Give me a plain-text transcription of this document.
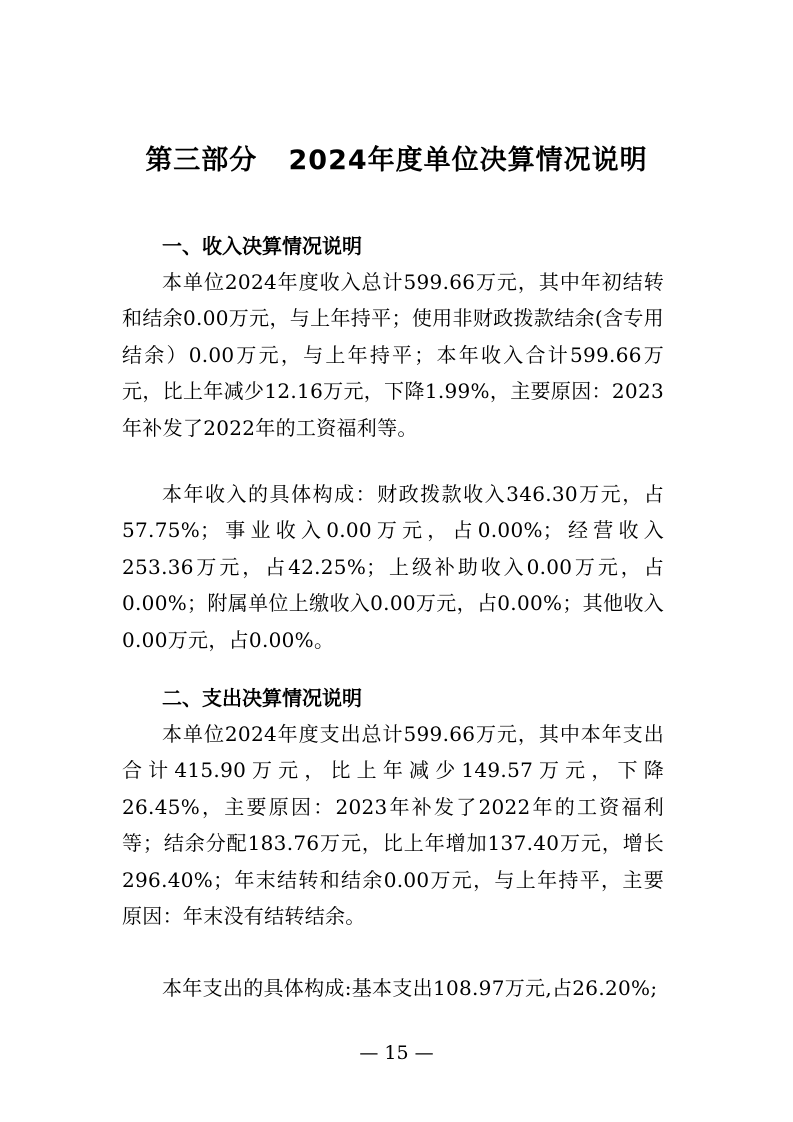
第三部分   2024年度单位决算情况说明
一、收入决算情况说明

本单位2024年度收入总计599.66万元，其中年初结转和结余0.00万元，与上年持平；使用非财政拨款结余(含专用结余）0.00万元，与上年持平；本年收入合计599.66万元，比上年减少12.16万元，下降1.99%，主要原因：2023年补发了2022年的工资福利等。

本年收入的具体构成：财政拨款收入346.30万元，占57.75%；事业收入0.00万元，占0.00%；经营收入253.36万元，占42.25%；上级补助收入0.00万元，占0.00%；附属单位上缴收入0.00万元，占0.00%；其他收入0.00万元，占0.00%。

二、支出决算情况说明

本单位2024年度支出总计599.66万元，其中本年支出合计415.90万元，比上年减少149.57万元，下降26.45%，主要原因：2023年补发了2022年的工资福利等；结余分配183.76万元，比上年增加137.40万元，增长296.40%；年末结转和结余0.00万元，与上年持平，主要原因：年末没有结转结余。

本年支出的具体构成:基本支出108.97万元,占26.20%;

— 15 —
